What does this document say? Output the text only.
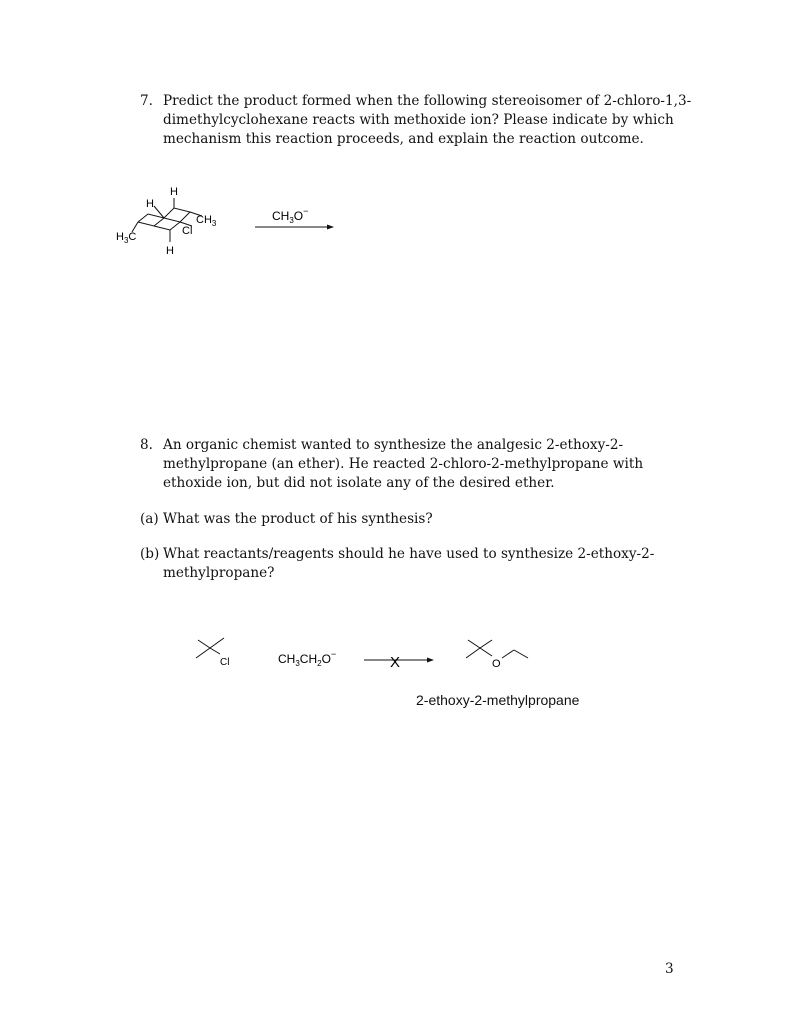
7. Predict the product formed when the following stereoisomer of 2-chloro-1,3-dimethylcyclohexane reacts with methoxide ion? Please indicate by which mechanism this reaction proceeds, and explain the reaction outcome.
H
H
$CH_3$
Cl
$H_3C$
H
$CH_3O^-$
8. An organic chemist wanted to synthesize the analgesic 2-ethoxy-2-methylpropane (an ether). He reacted 2-chloro-2-methylpropane with ethoxide ion, but did not isolate any of the desired ether.
(a) What was the product of his synthesis?
(b) What reactants/reagents should he have used to synthesize 2-ethoxy-2-methylpropane?
Cl	$CH_3CH_2O^-$	X	O
2-ethoxy-2-methylpropane
3
